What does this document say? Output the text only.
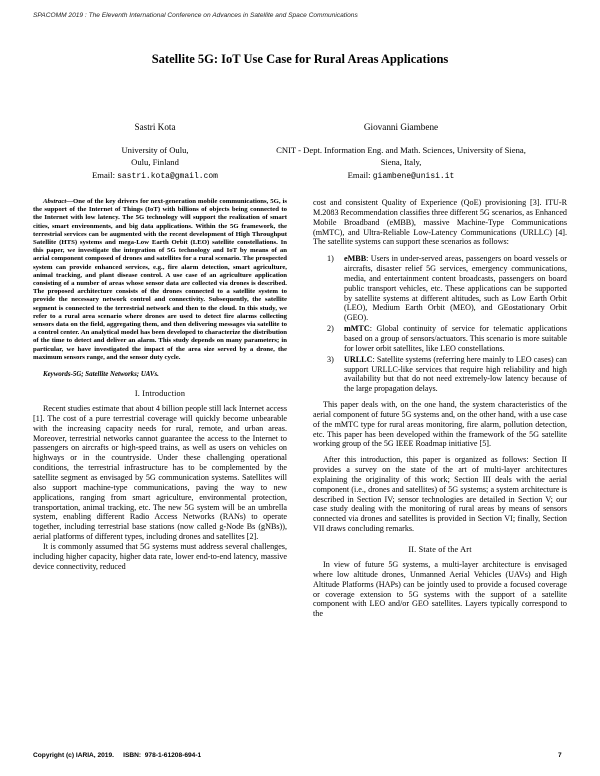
SPACOMM 2019 : The Eleventh International Conference on Advances in Satellite and Space Communications
Satellite 5G: IoT Use Case for Rural Areas Applications
Sastri Kota
University of Oulu,
Oulu, Finland
Email: sastri.kota@gmail.com
Giovanni Giambene
CNIT - Dept. Information Eng. and Math. Sciences, University of Siena,
Siena, Italy,
Email: giambene@unisi.it

Abstract—One of the key drivers for next-generation mobile communications, 5G, is the support of the Internet of Things (IoT) with billions of objects being connected to the Internet with low latency. The 5G technology will support the realization of smart cities, smart environments, and big data applications. Within the 5G framework, the terrestrial services can be augmented with the recent development of High Throughput Satellite (HTS) systems and mega-Low Earth Orbit (LEO) satellite constellations. In this paper, we investigate the integration of 5G technology and IoT by means of an aerial component composed of drones and satellites for a rural scenario. The prospected system can provide enhanced services, e.g., fire alarm detection, smart agriculture, animal tracking, and plant disease control. A use case of an agriculture application consisting of a number of areas whose sensor data are collected via drones is described. The proposed architecture consists of the drones connected to a satellite system to provide the necessary network control and connectivity. Subsequently, the satellite segment is connected to the terrestrial network and then to the cloud. In this study, we refer to a rural area scenario where drones are used to detect fire alarms collecting sensors data on the field, aggregating them, and then delivering messages via satellite to a control center. An analytical model has been developed to characterize the distribution of the time to detect and deliver an alarm. This study depends on many parameters; in particular, we have investigated the impact of the area size served by a drone, the maximum sensors range, and the sensor duty cycle.

Keywords-5G; Satellite Networks; UAVs.

I. Introduction

Recent studies estimate that about 4 billion people still lack Internet access [1]. The cost of a pure terrestrial coverage will quickly become unbearable with the increasing capacity needs for rural, remote, and urban areas. Moreover, terrestrial networks cannot guarantee the access to the Internet to passengers on aircrafts or high-speed trains, as well as users on vehicles on highways or in the countryside. Under these challenging operational conditions, the terrestrial infrastructure has to be complemented by the satellite segment as envisaged by 5G communication systems. Satellites will also support machine-type communications, paving the way to new applications, ranging from smart agriculture, environmental protection, transportation, animal tracking, etc. The new 5G system will be an umbrella system, enabling different Radio Access Networks (RANs) to operate together, including terrestrial base stations (now called g-Node Bs (gNBs)), aerial platforms of different types, including drones and satellites [2].

It is commonly assumed that 5G systems must address several challenges, including higher capacity, higher data rate, lower end-to-end latency, massive device connectivity, reduced

cost and consistent Quality of Experience (QoE) provisioning [3]. ITU-R M.2083 Recommendation classifies three different 5G scenarios, as Enhanced Mobile Broadband (eMBB), massive Machine-Type Communications (mMTC), and Ultra-Reliable Low-Latency Communications (URLLC) [4]. The satellite systems can support these scenarios as follows:

1) eMBB: Users in under-served areas, passengers on board vessels or aircrafts, disaster relief 5G services, emergency communications, media, and entertainment content broadcasts, passengers on board public transport vehicles, etc. These applications can be supported by satellite systems at different altitudes, such as Low Earth Orbit (LEO), Medium Earth Orbit (MEO), and GEostationary Orbit (GEO).
2) mMTC: Global continuity of service for telematic applications based on a group of sensors/actuators. This scenario is more suitable for lower orbit satellites, like LEO constellations.
3) URLLC: Satellite systems (referring here mainly to LEO cases) can support URLLC-like services that require high reliability and high availability but that do not need extremely-low latency because of the large propagation delays.

This paper deals with, on the one hand, the system characteristics of the aerial component of future 5G systems and, on the other hand, with a use case of the mMTC type for rural areas monitoring, fire alarm, pollution detection, etc. This paper has been developed within the framework of the 5G satellite working group of the 5G IEEE Roadmap initiative [5].

After this introduction, this paper is organized as follows: Section II provides a survey on the state of the art of multi-layer architectures explaining the originality of this work; Section III deals with the aerial component (i.e., drones and satellites) of 5G systems; a system architecture is described in Section IV; sensor technologies are detailed in Section V; our case study dealing with the monitoring of rural areas by means of sensors connected via drones and satellites is provided in Section VI; finally, Section VII draws concluding remarks.

II. State of the Art

In view of future 5G systems, a multi-layer architecture is envisaged where low altitude drones, Unmanned Aerial Vehicles (UAVs) and High Altitude Platforms (HAPs) can be jointly used to provide a focused coverage or coverage extension to 5G systems with the support of a satellite component with LEO and/or GEO satellites. Layers typically correspond to the

Copyright (c) IARIA, 2019.     ISBN:  978-1-61208-694-1	7
